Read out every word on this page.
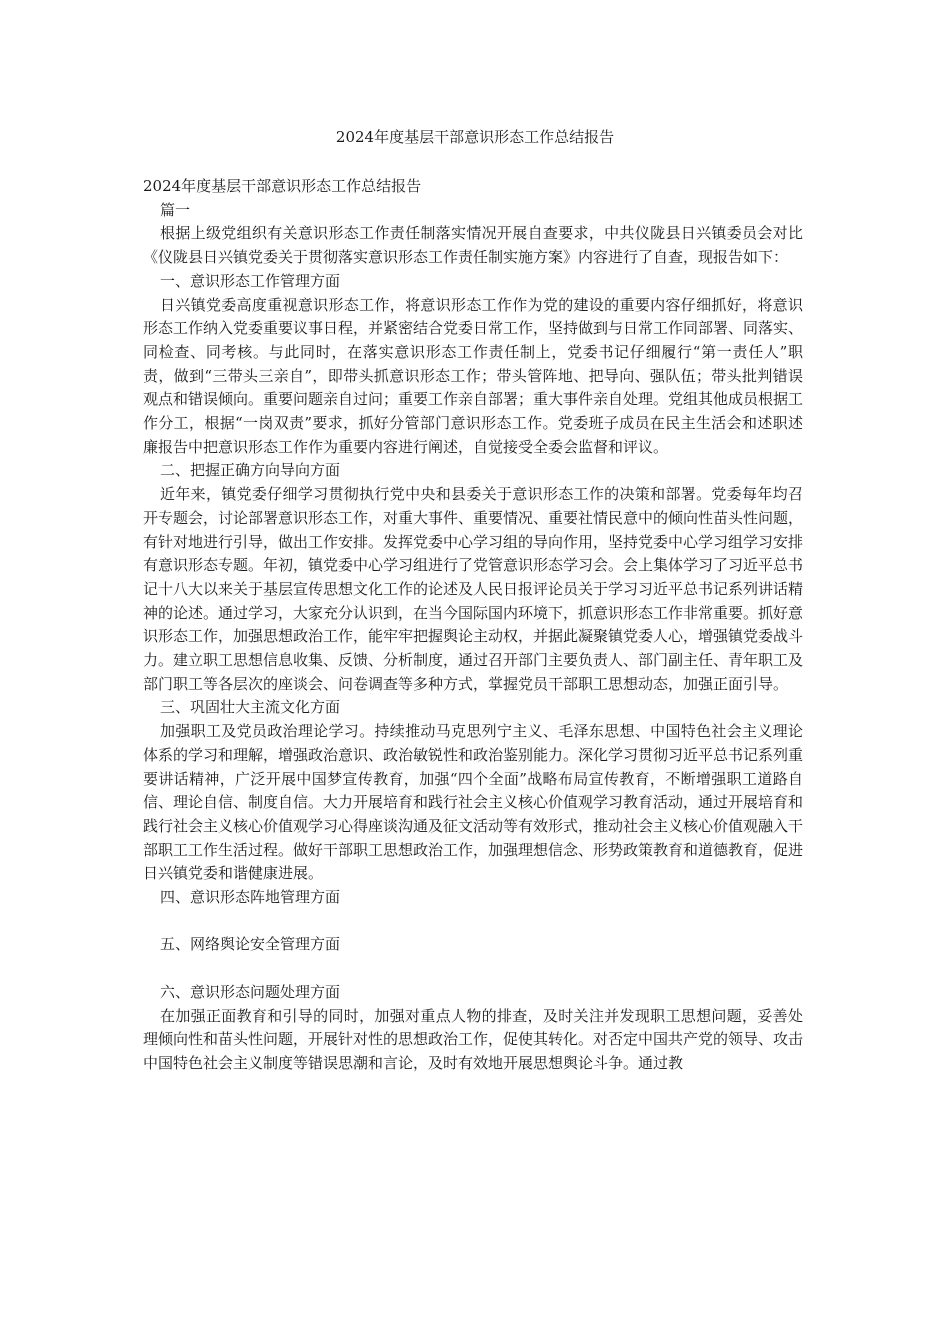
2024年度基层干部意识形态工作总结报告

2024年度基层干部意识形态工作总结报告

篇一

根据上级党组织有关意识形态工作责任制落实情况开展自查要求，中共仪陇县日兴镇委员会对比《仪陇县日兴镇党委关于贯彻落实意识形态工作责任制实施方案》内容进行了自查，现报告如下：

一、意识形态工作管理方面

日兴镇党委高度重视意识形态工作，将意识形态工作作为党的建设的重要内容仔细抓好，将意识形态工作纳入党委重要议事日程，并紧密结合党委日常工作，坚持做到与日常工作同部署、同落实、同检查、同考核。与此同时，在落实意识形态工作责任制上，党委书记仔细履行“第一责任人”职责，做到“三带头三亲自”，即带头抓意识形态工作；带头管阵地、把导向、强队伍；带头批判错误观点和错误倾向。重要问题亲自过问；重要工作亲自部署；重大事件亲自处理。党组其他成员根据工作分工，根据“一岗双责”要求，抓好分管部门意识形态工作。党委班子成员在民主生活会和述职述廉报告中把意识形态工作作为重要内容进行阐述，自觉接受全委会监督和评议。

二、把握正确方向导向方面

近年来，镇党委仔细学习贯彻执行党中央和县委关于意识形态工作的决策和部署。党委每年均召开专题会，讨论部署意识形态工作，对重大事件、重要情况、重要社情民意中的倾向性苗头性问题，有针对地进行引导，做出工作安排。发挥党委中心学习组的导向作用，坚持党委中心学习组学习安排有意识形态专题。年初，镇党委中心学习组进行了党管意识形态学习会。会上集体学习了习近平总书记十八大以来关于基层宣传思想文化工作的论述及人民日报评论员关于学习习近平总书记系列讲话精神的论述。通过学习，大家充分认识到，在当今国际国内环境下，抓意识形态工作非常重要。抓好意识形态工作，加强思想政治工作，能牢牢把握舆论主动权，并据此凝聚镇党委人心，增强镇党委战斗力。建立职工思想信息收集、反馈、分析制度，通过召开部门主要负责人、部门副主任、青年职工及部门职工等各层次的座谈会、问卷调查等多种方式，掌握党员干部职工思想动态，加强正面引导。

三、巩固壮大主流文化方面

加强职工及党员政治理论学习。持续推动马克思列宁主义、毛泽东思想、中国特色社会主义理论体系的学习和理解，增强政治意识、政治敏锐性和政治鉴别能力。深化学习贯彻习近平总书记系列重要讲话精神，广泛开展中国梦宣传教育，加强“四个全面”战略布局宣传教育，不断增强职工道路自信、理论自信、制度自信。大力开展培育和践行社会主义核心价值观学习教育活动，通过开展培育和践行社会主义核心价值观学习心得座谈沟通及征文活动等有效形式，推动社会主义核心价值观融入干部职工工作生活过程。做好干部职工思想政治工作，加强理想信念、形势政策教育和道德教育，促进日兴镇党委和谐健康进展。

四、意识形态阵地管理方面

五、网络舆论安全管理方面

六、意识形态问题处理方面

在加强正面教育和引导的同时，加强对重点人物的排查，及时关注并发现职工思想问题，妥善处理倾向性和苗头性问题，开展针对性的思想政治工作，促使其转化。对否定中国共产党的领导、攻击中国特色社会主义制度等错误思潮和言论，及时有效地开展思想舆论斗争。通过教
